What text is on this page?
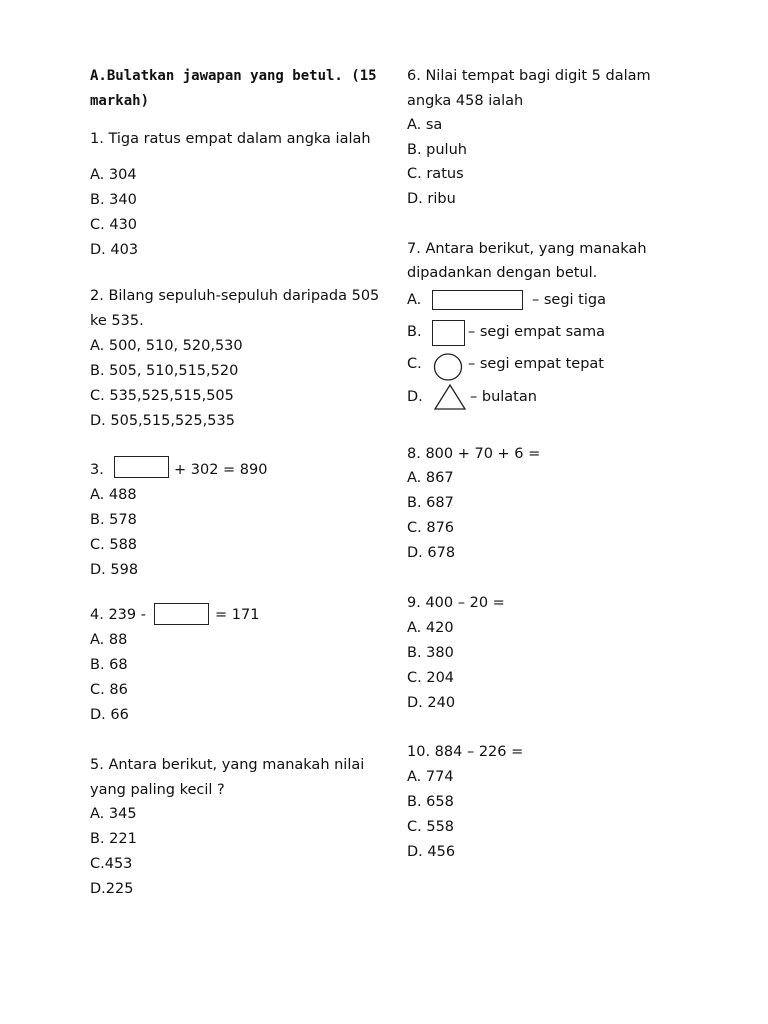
A.Bulatkan jawapan yang betul. (15
markah)
1. Tiga ratus empat dalam angka ialah
A. 304
B. 340
C. 430
D. 403
2. Bilang sepuluh-sepuluh daripada 505
ke 535.
A. 500, 510, 520,530
B. 505, 510,515,520
C. 535,525,515,505
D. 505,515,525,535
3.	+ 302 = 890
A. 488
B. 578
C. 588
D. 598
4. 239 -	= 171
A. 88
B. 68
C. 86
D. 66
5. Antara berikut, yang manakah nilai
yang paling kecil ?
A. 345
B. 221
C.453
D.225
6. Nilai tempat bagi digit 5 dalam
angka 458 ialah
A. sa
B. puluh
C. ratus
D. ribu
7. Antara berikut, yang manakah
dipadankan dengan betul.
A.	– segi tiga
B.	– segi empat sama
C.	– segi empat tepat
D.	– bulatan
8. 800 + 70 + 6 =
A. 867
B. 687
C. 876
D. 678
9. 400 – 20 =
A. 420
B. 380
C. 204
D. 240
10. 884 – 226 =
A. 774
B. 658
C. 558
D. 456
